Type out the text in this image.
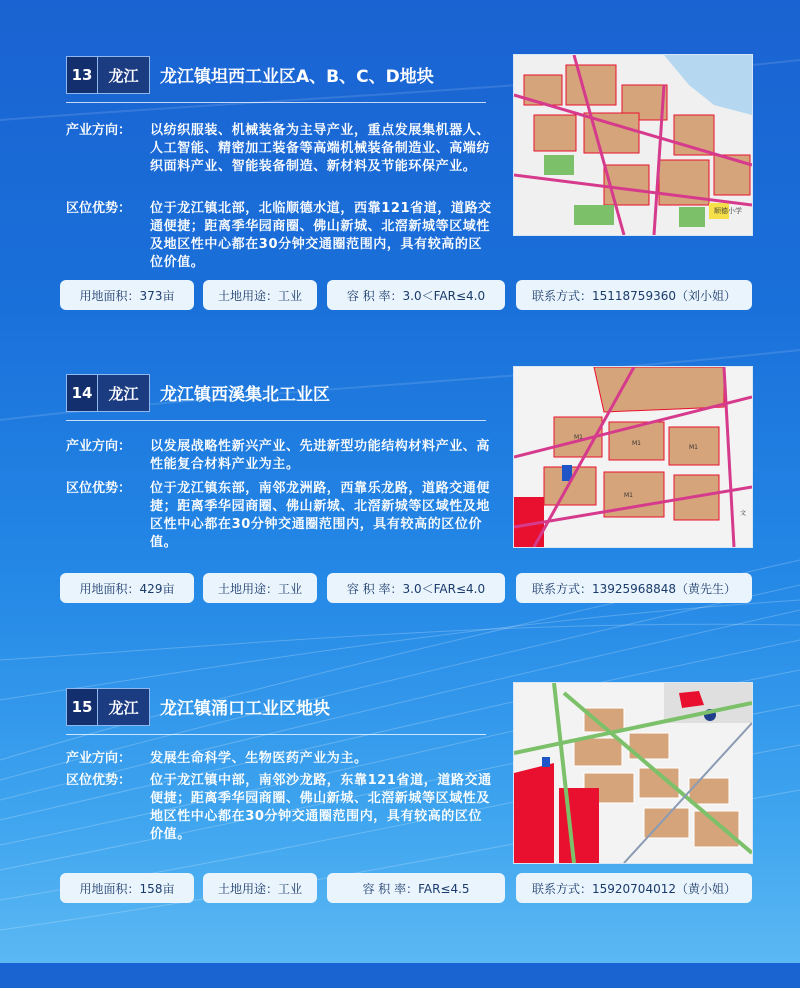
13	龙江	龙江镇坦西工业区A、B、C、D地块
产业方向：	以纺织服装、机械装备为主导产业，重点发展集机器人、人工智能、精密加工装备等高端机械装备制造业、高端纺织面料产业、智能装备制造、新材料及节能环保产业。
区位优势：	位于龙江镇北部，北临顺德水道，西靠121省道，道路交通便捷；距离季华园商圈、佛山新城、北滘新城等区域性及地区性中心都在30分钟交通圈范围内，具有较高的区位价值。
顺德小学
用地面积：373亩	土地用途：工业	容 积 率：3.0＜FAR≤4.0	联系方式：15118759360（刘小姐）
14	龙江	龙江镇西溪集北工业区
产业方向：	以发展战略性新兴产业、先进新型功能结构材料产业、高性能复合材料产业为主。
区位优势：	位于龙江镇东部，南邻龙洲路，西靠乐龙路，道路交通便捷；距离季华园商圈、佛山新城、北滘新城等区域性及地区性中心都在30分钟交通圈范围内，具有较高的区位价值。
M1
M1
M1
M1
文
用地面积：429亩	土地用途：工业	容 积 率：3.0＜FAR≤4.0	联系方式：13925968848（黄先生）
15	龙江	龙江镇涌口工业区地块
产业方向：	发展生命科学、生物医药产业为主。
区位优势：	位于龙江镇中部，南邻沙龙路，东靠121省道，道路交通便捷；距离季华园商圈、佛山新城、北滘新城等区域性及地区性中心都在30分钟交通圈范围内，具有较高的区位价值。
用地面积：158亩	土地用途：工业	容 积 率：FAR≤4.5	联系方式：15920704012（黄小姐）
